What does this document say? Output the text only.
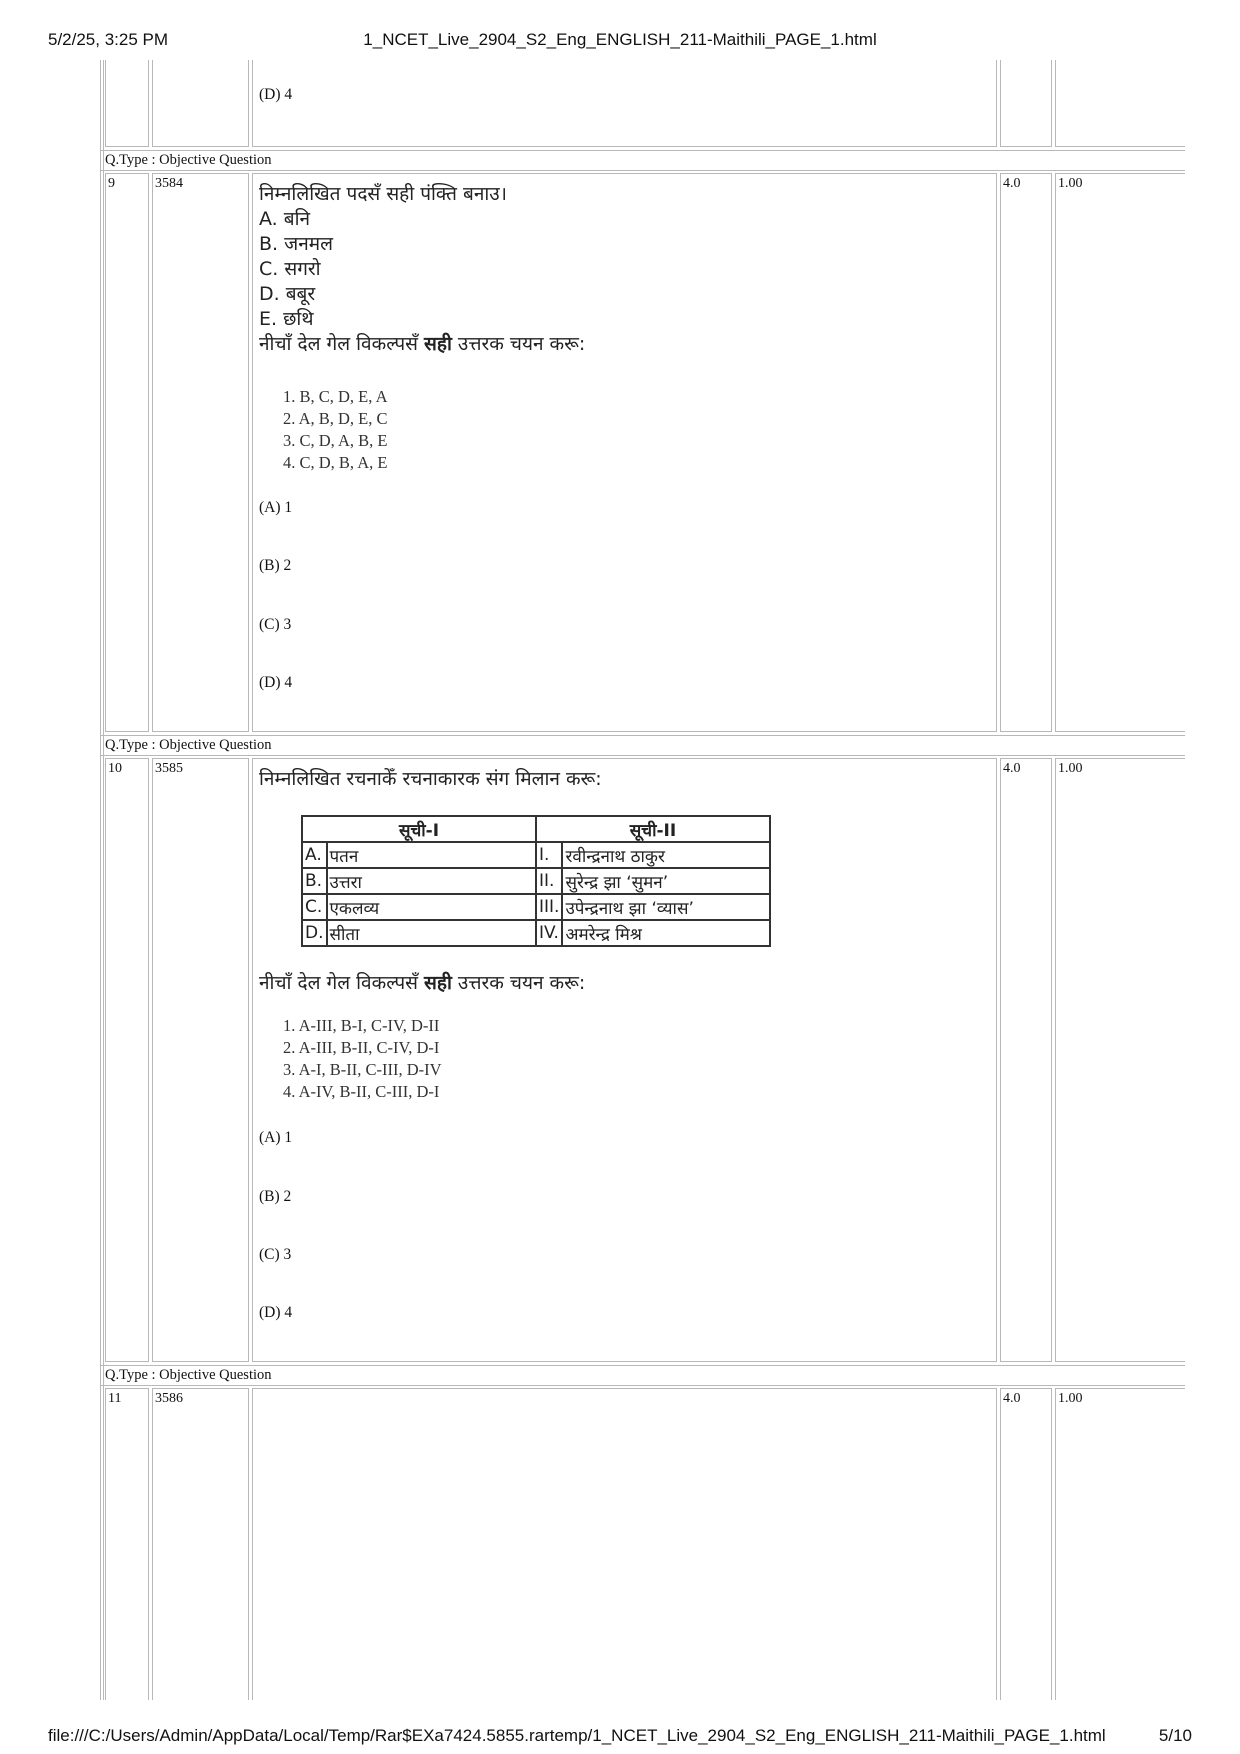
5/2/25, 3:25 PM	1_NCET_Live_2904_S2_Eng_ENGLISH_211-Maithili_PAGE_1.html
(D) 4
Q.Type : Objective Question
9	3584	निम्नलिखित पदसँ सही पंक्ति बनाउ।
A. बनि
B. जनमल
C. सगरो
D. बबूर
E. छथि
नीचाँ देल गेल विकल्पसँ सही उत्तरक चयन करू:
1. B, C, D, E, A
2. A, B, D, E, C
3. C, D, A, B, E
4. C, D, B, A, E
(A) 1
(B) 2
(C) 3
(D) 4
4.0	1.00
Q.Type : Objective Question
10 3585	निम्नलिखित रचनाकेँ रचनाकारक संग मिलान करू:
सूची-I		सूची-II	
A.	पतन	I.	रवीन्द्रनाथ ठाकुर
B.	उत्तरा	II.	सुरेन्द्र झा ‘सुमन’
C.	एकलव्य	III.	उपेन्द्रनाथ झा ‘व्यास’
D.	सीता	IV.	अमरेन्द्र मिश्र
नीचाँ देल गेल विकल्पसँ सही उत्तरक चयन करू:
1. A-III, B-I, C-IV, D-II
2. A-III, B-II, C-IV, D-I
3. A-I, B-II, C-III, D-IV
4. A-IV, B-II, C-III, D-I
(A) 1
(B) 2
(C) 3
(D) 4
4.0	1.00
Q.Type : Objective Question
11 3586	4.0	1.00
file:///C:/Users/Admin/AppData/Local/Temp/Rar$EXa7424.5855.rartemp/1_NCET_Live_2904_S2_Eng_ENGLISH_211-Maithili_PAGE_1.html	5/10
